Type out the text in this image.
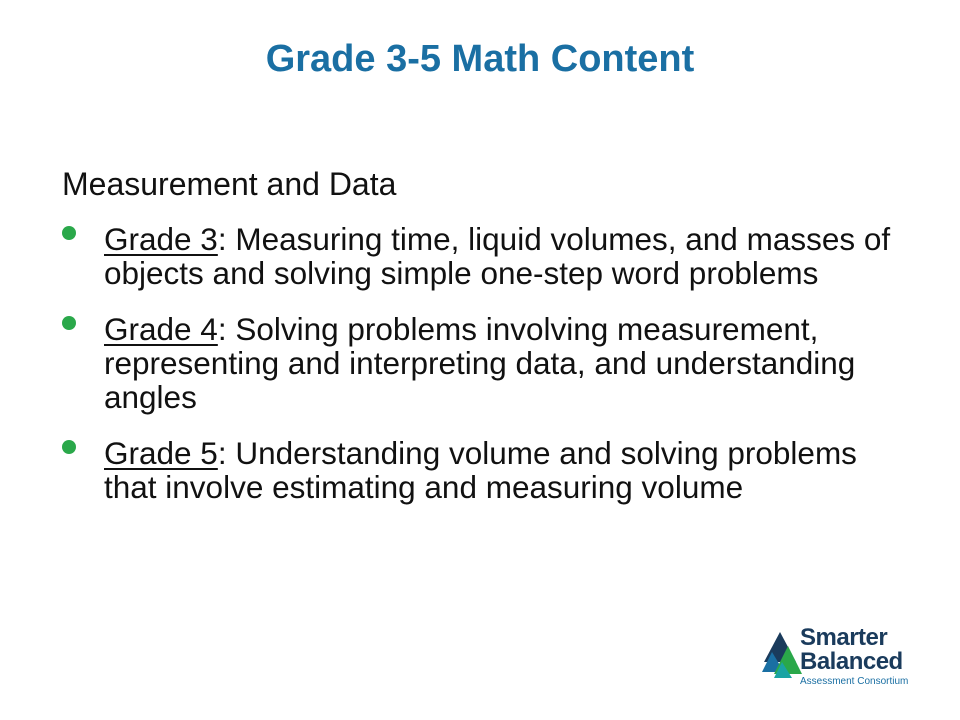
Grade 3-5 Math Content

Measurement and Data

Grade 3: Measuring time, liquid volumes, and masses of objects and solving simple one-step word problems
Grade 4: Solving problems involving measurement, representing and interpreting data, and understanding angles
Grade 5: Understanding volume and solving problems that involve estimating and measuring volume
Smarter
Balanced
Assessment Consortium
